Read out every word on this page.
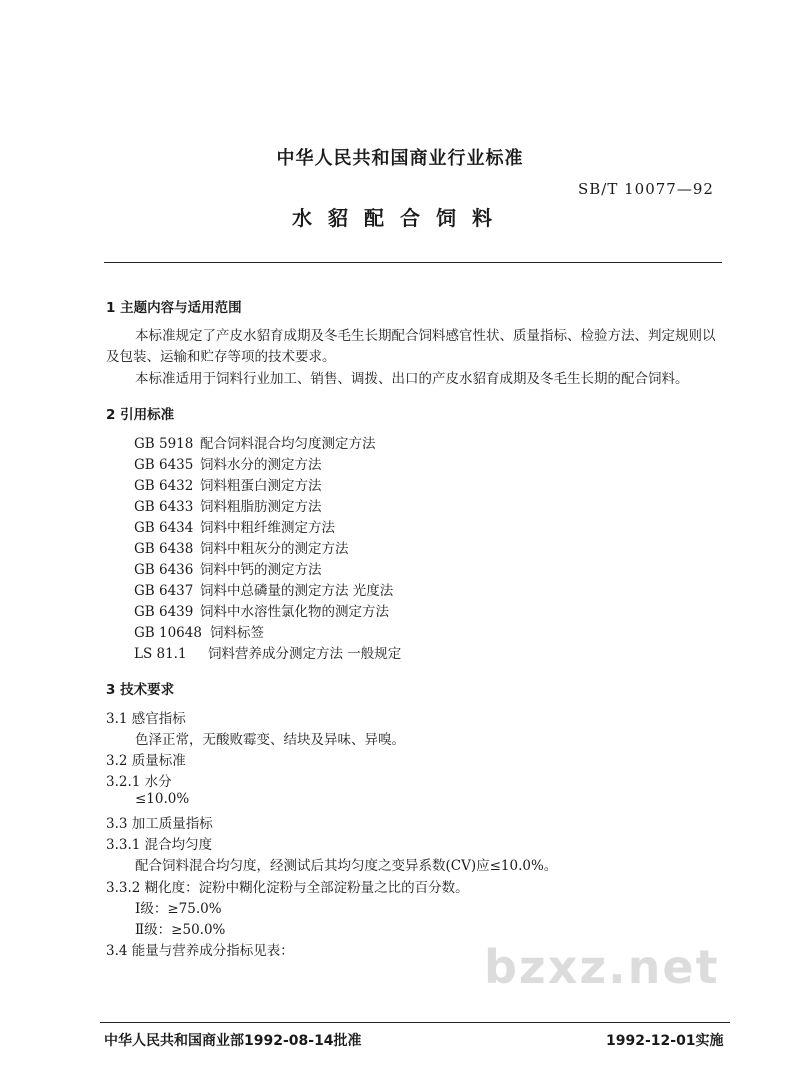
中华人民共和国商业行业标准
SB/T 10077—92
水貂配合饲料
1 主题内容与适用范围
本标准规定了产皮水貂育成期及冬毛生长期配合饲料感官性状、质量指标、检验方法、判定规则以
及包装、运输和贮存等项的技术要求。
本标准适用于饲料行业加工、销售、调拨、出口的产皮水貂育成期及冬毛生长期的配合饲料。
2 引用标准
GB 5918 配合饲料混合均匀度测定方法
GB 6435 饲料水分的测定方法
GB 6432 饲料粗蛋白测定方法
GB 6433 饲料粗脂肪测定方法
GB 6434 饲料中粗纤维测定方法
GB 6438 饲料中粗灰分的测定方法
GB 6436 饲料中钙的测定方法
GB 6437 饲料中总磷量的测定方法 光度法
GB 6439 饲料中水溶性氯化物的测定方法
GB 10648 饲料标签
LS 81.1 饲料营养成分测定方法 一般规定
3 技术要求
3.1 感官指标
色泽正常，无酸败霉变、结块及异味、异嗅。
3.2 质量标准
3.2.1 水分
≤10.0%
3.3 加工质量指标
3.3.1 混合均匀度
配合饲料混合均匀度，经测试后其均匀度之变异系数(CV)应≤10.0%。
3.3.2 糊化度：淀粉中糊化淀粉与全部淀粉量之比的百分数。
Ⅰ级：≥75.0%
Ⅱ级：≥50.0%
3.4 能量与营养成分指标见表：	bzxz.net
中华人民共和国商业部1992-08-14批准	1992-12-01实施
